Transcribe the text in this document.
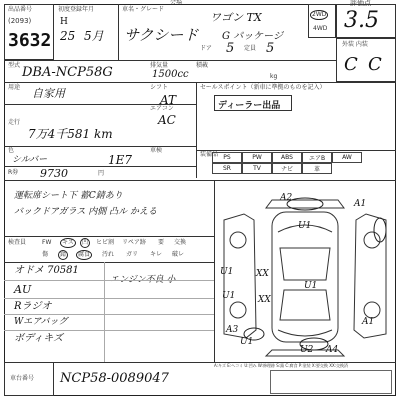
会場	評価点
出品番号
(2093)
3632
初度登録年月
H
25 5月
車名・グレード
ワゴン TX
サクシード G パッケージ
2WD
4WD 3.5
ドア 5 定員 5	外装 内装
C C
型式 DBA-NCP58G	排気量
1500cc
積載
kg
用途 自家用	シフト
AT
エアコン
AC
走行
7万4千581 km
色
シルバー	1E7
車検
R券 9730	円
セールスポイント（新車に準拠のものを記入）
ディーラー出品
装備品 PS	PW	ABS	エアB	AW
SR	TV	ナビ	革
運転席シート下 蓄C錆あり
バックドアガラス 内側 凸ル かえる
検査員	FW	キズ	凹	ヒビ割 リペア跡 要 交換
傷	錆	腐食	汚れ ガリ キレ 破レ
オドメ 70581
エンジン不良 小
AU
Rラジオ
Wエアバッグ
ボディキズ
A2
A1
U1
U1
U1
XX
U1
XX
A3
A1
U2 A4
U1
A:キズ E:ヘコミ U:凹み W:修理跡 S:錆 C:腐食 P:塗装 X:要交換 XX:交換済
車台番号 NCP58-0089047
